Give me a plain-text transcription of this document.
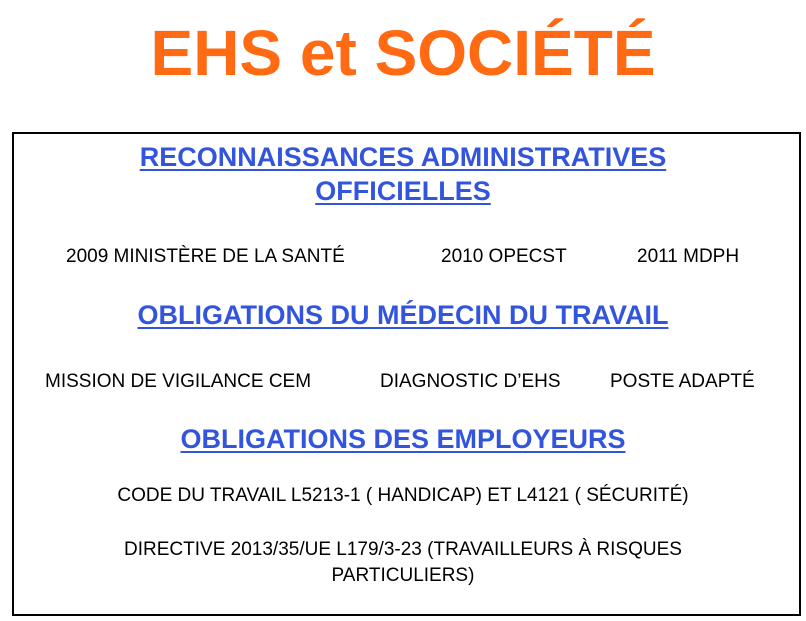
EHS et SOCIÉTÉ
RECONNAISSANCES ADMINISTRATIVES
OFFICIELLES
2009 MINISTÈRE DE LA SANTÉ	2010 OPECST	2011 MDPH
OBLIGATIONS DU MÉDECIN DU TRAVAIL
MISSION DE VIGILANCE CEM	DIAGNOSTIC D’EHS	POSTE ADAPTÉ
OBLIGATIONS DES EMPLOYEURS
CODE DU TRAVAIL L5213-1 ( HANDICAP) ET L4121 ( SÉCURITÉ)
DIRECTIVE 2013/35/UE L179/3-23 (TRAVAILLEURS À RISQUES
PARTICULIERS)
